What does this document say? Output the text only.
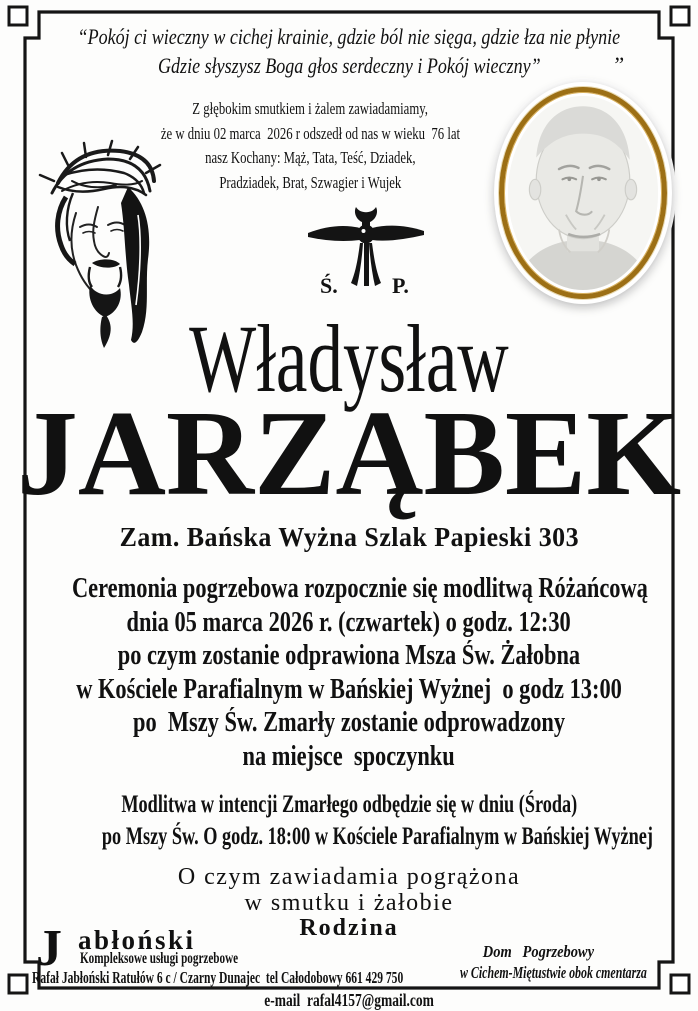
“Pokój ci wieczny w cichej krainie, gdzie ból nie sięga, gdzie łza nie płynie
Gdzie słyszysz Boga głos serdeczny i Pokój wieczny”	”
Z głębokim smutkiem i żalem zawiadamiamy,
że w dniu 02 marca  2026 r odszedł od nas w wieku  76 lat
nasz Kochany: Mąż, Tata, Teść, Dziadek,
Pradziadek, Brat, Szwagier i Wujek
Ś. P.
Władysław
JARZĄBEK
Zam. Bańska Wyżna Szlak Papieski 303
Ceremonia pogrzebowa rozpocznie się modlitwą Różańcową
dnia 05 marca 2026 r. (czwartek) o godz. 12:30
po czym zostanie odprawiona Msza Św. Żałobna
w Kościele Parafialnym w Bańskiej Wyżnej  o godz 13:00
po  Mszy Św. Zmarły zostanie odprowadzony
na miejsce  spoczynku
Modlitwa w intencji Zmarłego odbędzie się w dniu (Środa)
po Mszy Św. O godz. 18:00 w Kościele Parafialnym w Bańskiej Wyżnej
O czym zawiadamia pogrążona
w smutku i żałobie
Rodzina
J abłoński
Kompleksowe usługi pogrzebowe
Rafał Jabłoński Ratułów 6 c / Czarny Dunajec  tel Całodobowy 661 429 750
Dom   Pogrzebowy
w Cichem-Miętustwie obok cmentarza
e-mail  rafal4157@gmail.com
